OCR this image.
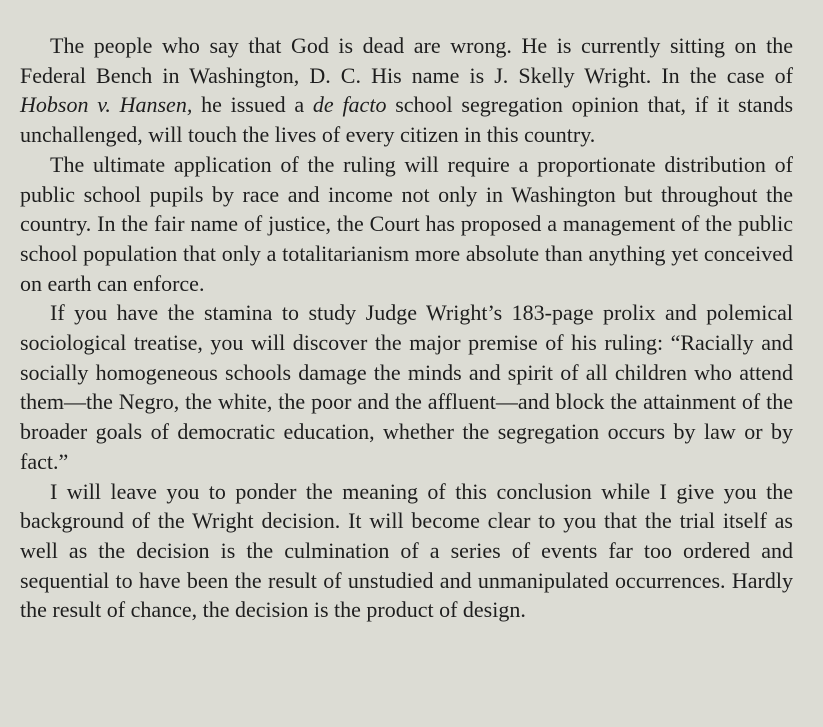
The people who say that God is dead are wrong. He is currently sitting on the Federal Bench in Washington, D. C. His name is J. Skelly Wright. In the case of Hobson v. Hansen, he issued a de facto school segregation opinion that, if it stands unchallenged, will touch the lives of every citizen in this country.

The ultimate application of the ruling will require a proportionate distribution of public school pupils by race and income not only in Washington but throughout the country. In the fair name of justice, the Court has proposed a management of the public school population that only a totalitarianism more absolute than anything yet conceived on earth can enforce.

If you have the stamina to study Judge Wright’s 183-page prolix and polemical sociological treatise, you will discover the major premise of his ruling: “Racially and socially homogeneous schools damage the minds and spirit of all children who attend them—the Negro, the white, the poor and the affluent—and block the attainment of the broader goals of democratic education, whether the segregation occurs by law or by fact.”

I will leave you to ponder the meaning of this conclusion while I give you the background of the Wright decision. It will become clear to you that the trial itself as well as the decision is the culmination of a series of events far too ordered and sequential to have been the result of unstudied and unmanipulated occurrences. Hardly the result of chance, the decision is the product of design.
